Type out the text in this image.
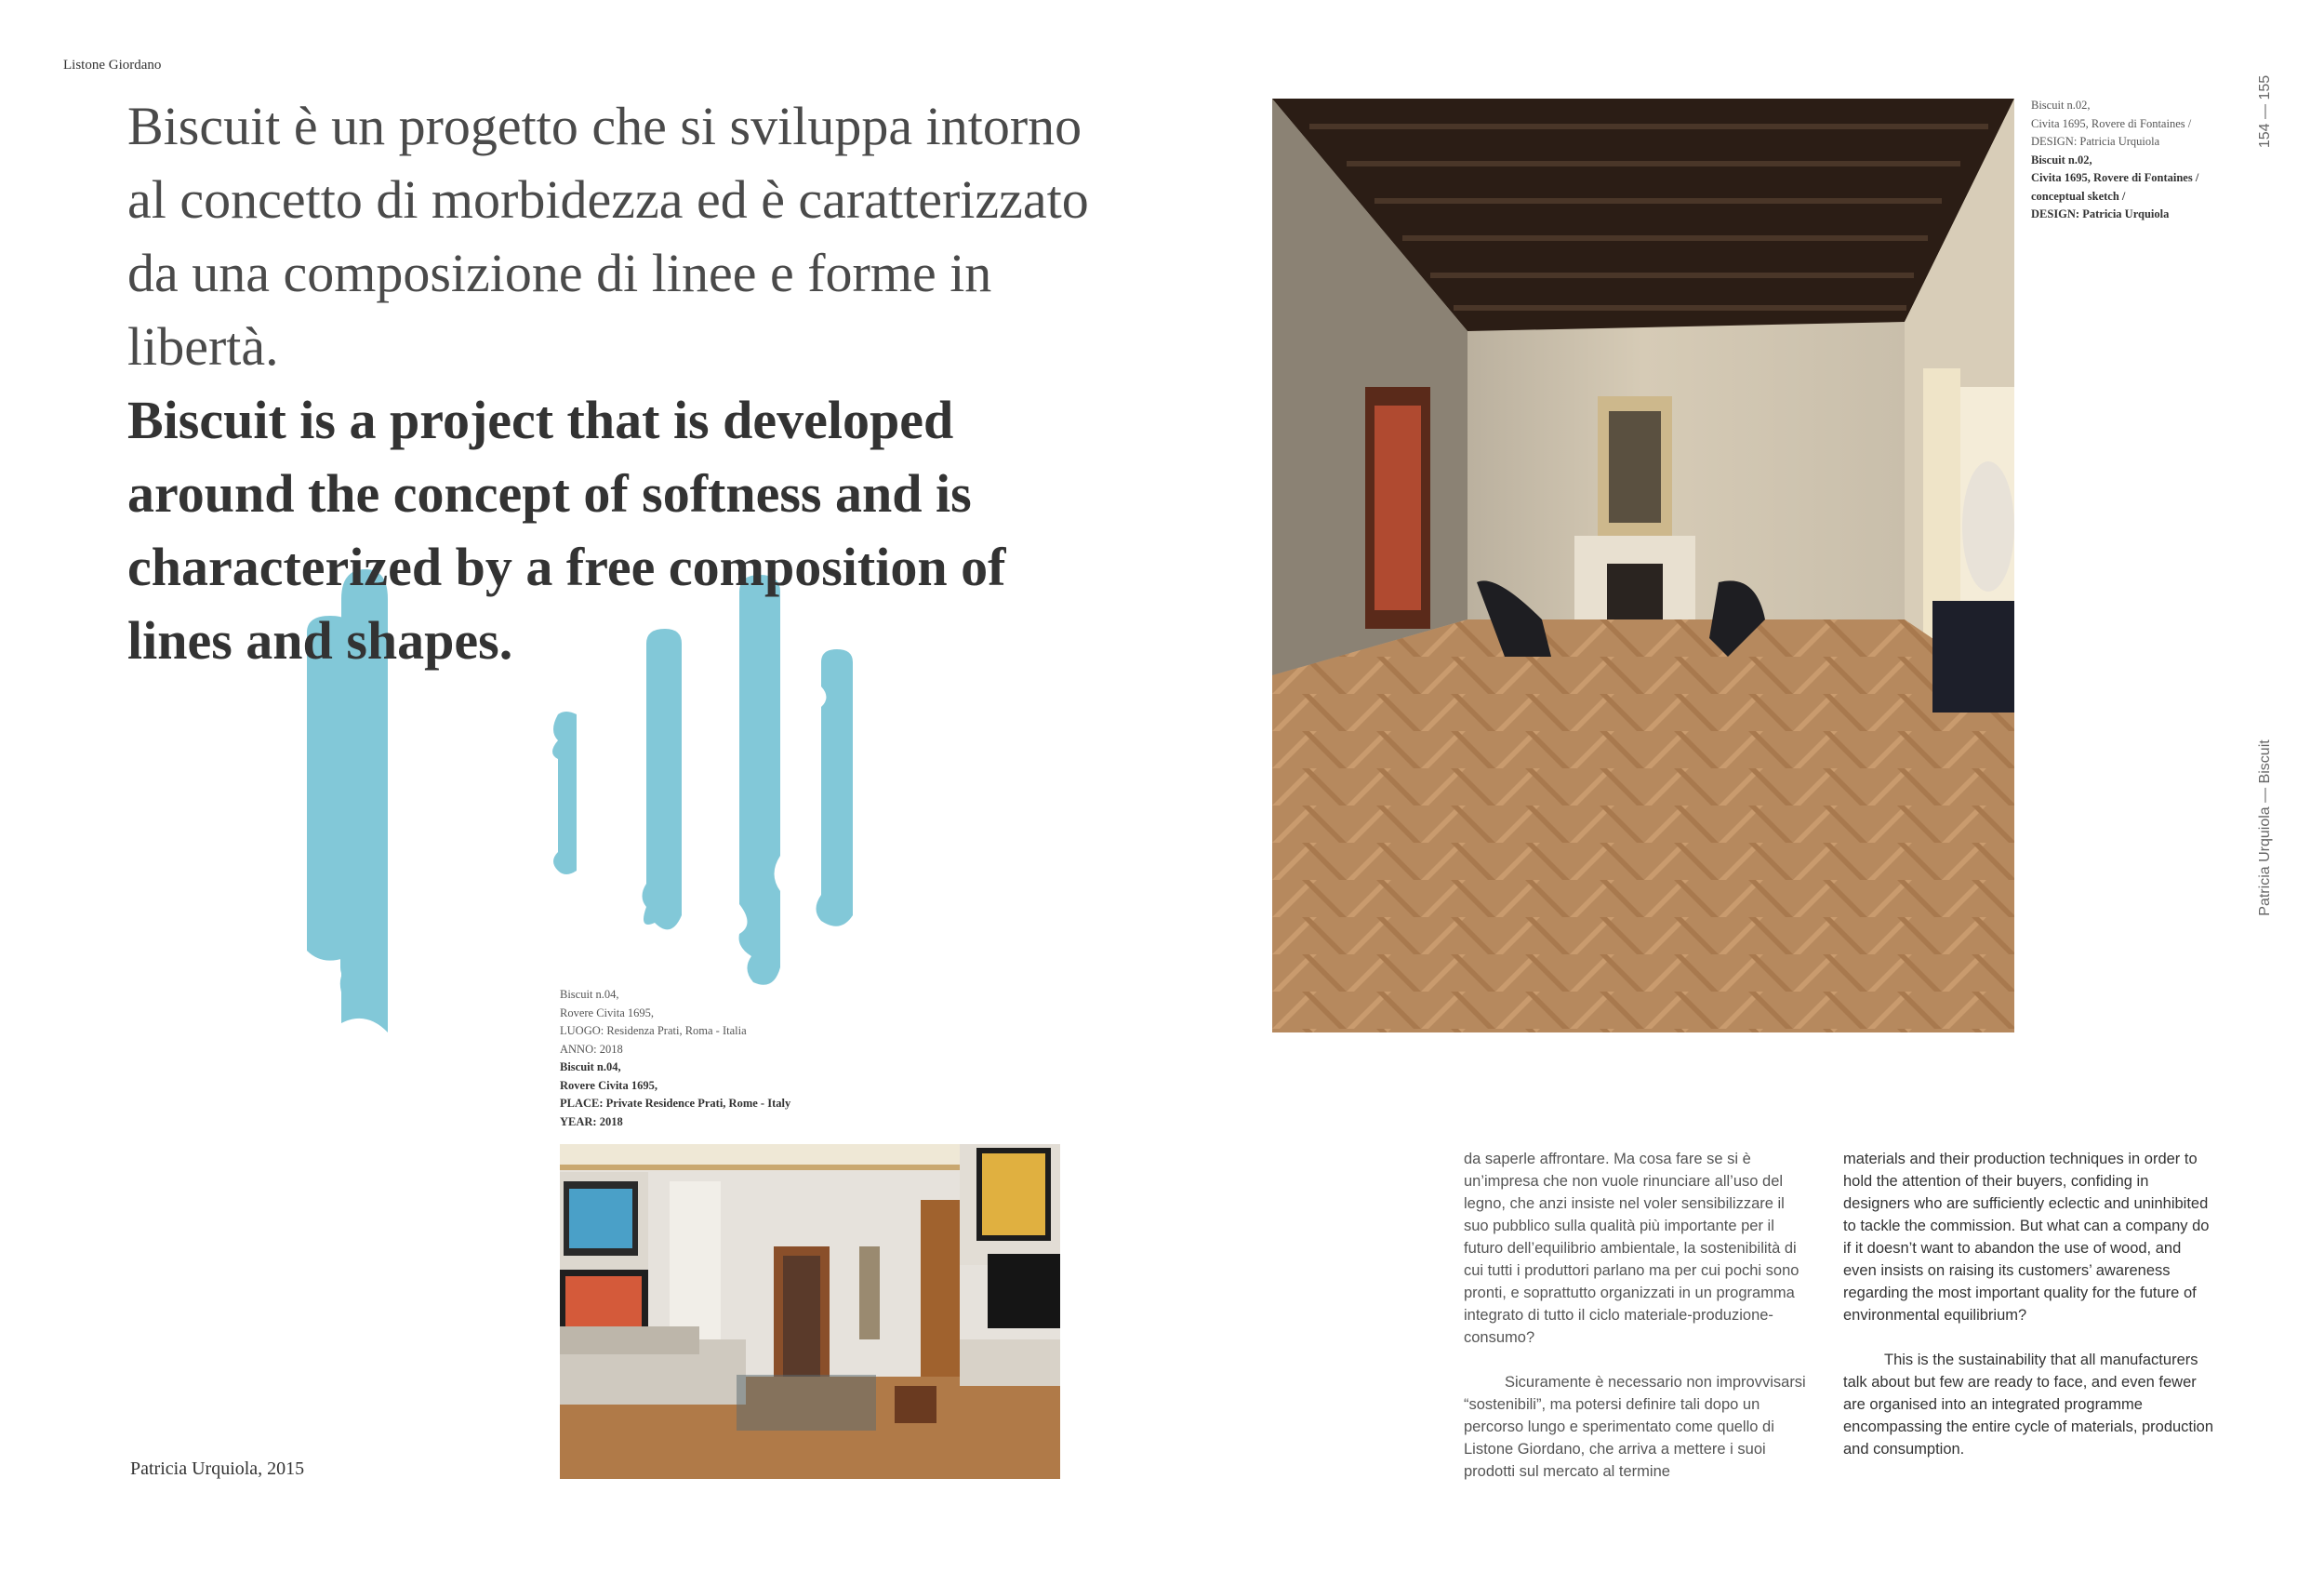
Listone Giordano
Biscuit è un progetto che si sviluppa intorno al concetto di morbidezza ed è caratterizzato da una composizione di linee e forme in libertà.
Biscuit is a project that is developed around the concept of softness and is characterized by a free composition of lines and shapes.
Biscuit n.04,
Rovere Civita 1695,
LUOGO: Residenza Prati, Roma - Italia
ANNO: 2018
Biscuit n.04,
Rovere Civita 1695,
PLACE: Private Residence Prati, Rome - Italy
YEAR: 2018
Patricia Urquiola, 2015
Biscuit n.02,
Civita 1695, Rovere di Fontaines /
DESIGN: Patricia Urquiola
Biscuit n.02,
Civita 1695, Rovere di Fontaines /
conceptual sketch /
DESIGN: Patricia Urquiola
154 — 155
Patricia Urquiola — Biscuit

da saperle affrontare. Ma cosa fare se si è un’impresa che non vuole rinunciare all’uso del legno, che anzi insiste nel voler sensibilizzare il suo pubblico sulla qualità più importante per il futuro dell’equilibrio ambientale, la sostenibilità di cui tutti i produttori parlano ma per cui pochi sono pronti, e soprattutto organizzati in un programma integrato di tutto il ciclo materiale-produzione-consumo?

Sicuramente è necessario non improvvisarsi “sostenibili”, ma potersi definire tali dopo un percorso lungo e sperimentato come quello di Listone Giordano, che arriva a mettere i suoi prodotti sul mercato al termine

materials and their production techniques in order to hold the attention of their buyers, confiding in designers who are sufficiently eclectic and uninhibited to tackle the commission. But what can a company do if it doesn’t want to abandon the use of wood, and even insists on raising its customers’ awareness regarding the most important quality for the future of environmental equilibrium?

This is the sustainability that all manufacturers talk about but few are ready to face, and even fewer are organised into an integrated programme encompassing the entire cycle of materials, production and consumption.
